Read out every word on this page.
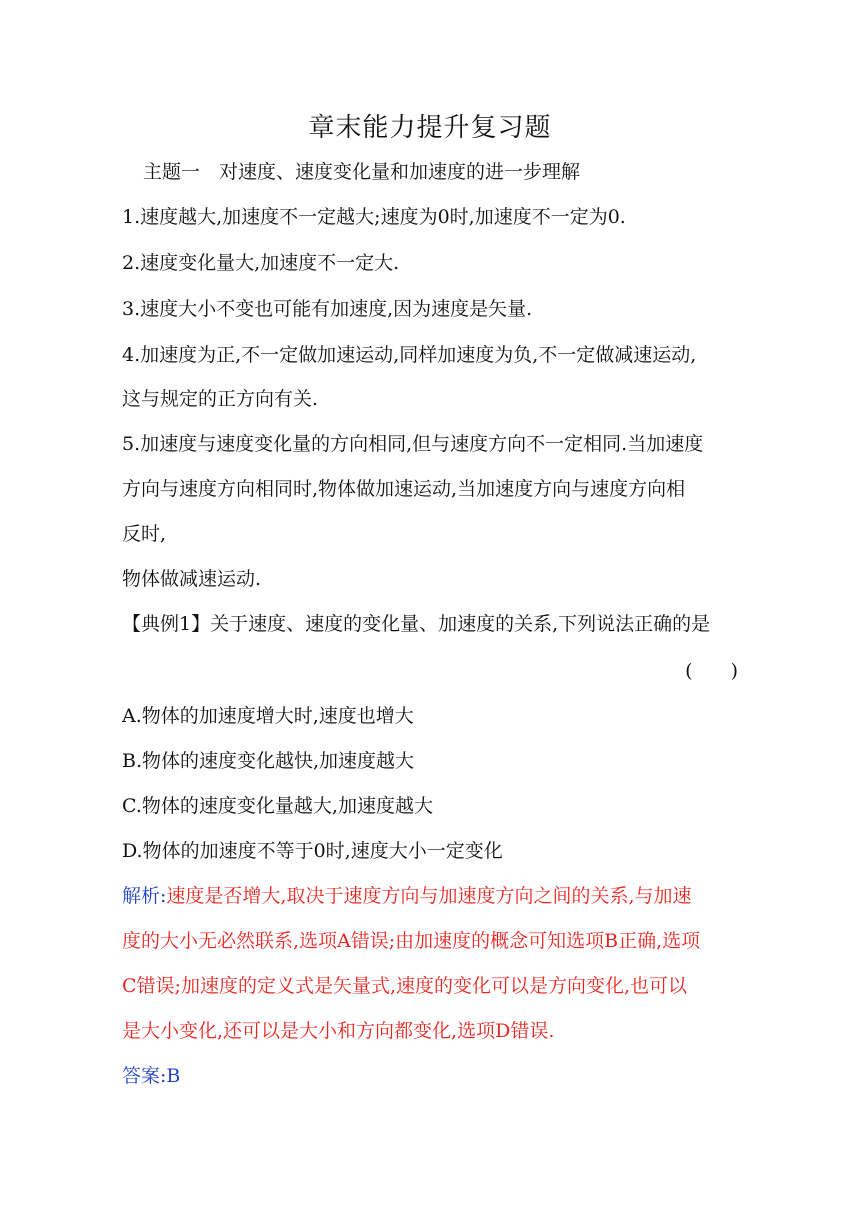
章末能力提升复习题
主题一　对速度、速度变化量和加速度的进一步理解
1.速度越大,加速度不一定越大;速度为0时,加速度不一定为0.
2.速度变化量大,加速度不一定大.
3.速度大小不变也可能有加速度,因为速度是矢量.
4.加速度为正,不一定做加速运动,同样加速度为负,不一定做减速运动,
这与规定的正方向有关.
5.加速度与速度变化量的方向相同,但与速度方向不一定相同.当加速度
方向与速度方向相同时,物体做加速运动,当加速度方向与速度方向相
反时,
物体做减速运动.
【典例1】关于速度、速度的变化量、加速度的关系,下列说法正确的是
(　　)
A.物体的加速度增大时,速度也增大
B.物体的速度变化越快,加速度越大
C.物体的速度变化量越大,加速度越大
D.物体的加速度不等于0时,速度大小一定变化
解析:速度是否增大,取决于速度方向与加速度方向之间的关系,与加速
度的大小无必然联系,选项A错误;由加速度的概念可知选项B正确,选项
C错误;加速度的定义式是矢量式,速度的变化可以是方向变化,也可以
是大小变化,还可以是大小和方向都变化,选项D错误.
答案:B
